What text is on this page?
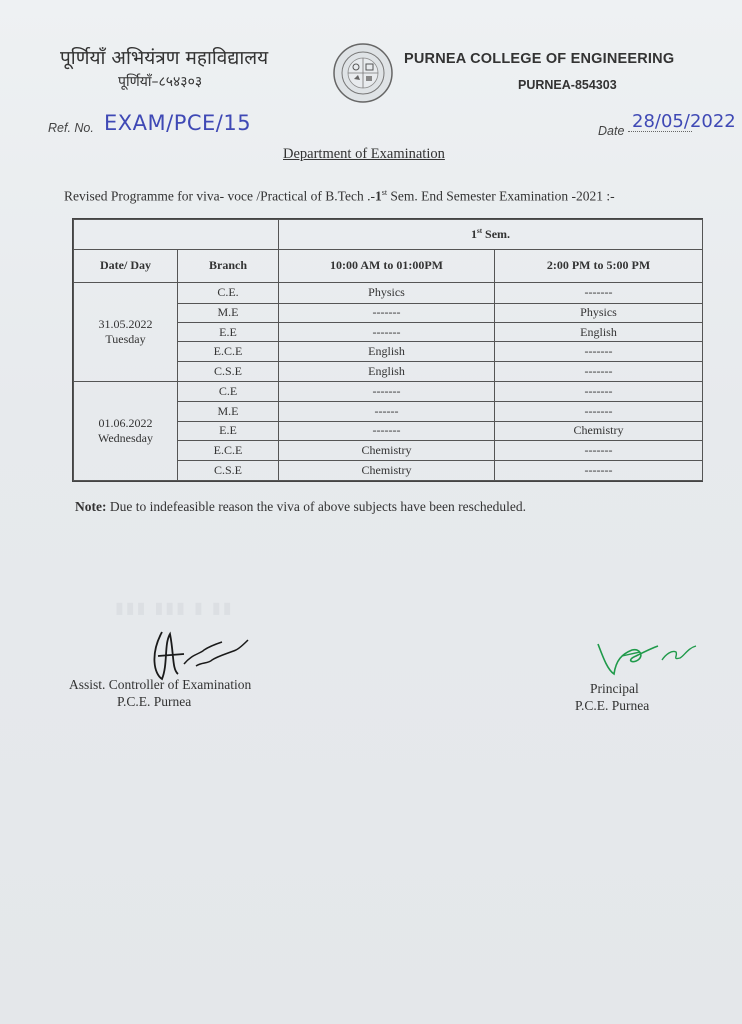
पूर्णियाँ अभियंत्रण महाविद्यालय
पूर्णियाँ–८५४३०३
PURNEA COLLEGE OF ENGINEERING
PURNEA-854303
Ref. No. EXAM/PCE/15	Date 28/05/2022
Department of Examination
Revised Programme for viva- voce /Practical of B.Tech .-1st Sem. End Semester Examination -2021 :-
		1st Sem.	
Date/ Day	Branch	10:00 AM to 01:00PM	2:00 PM to 5:00 PM

31.05.2022
Tuesday	C.E.	Physics	-------
	M.E	-------	Physics
	E.E	-------	English
	E.C.E	English	-------
	C.S.E	English	-------

01.06.2022
Wednesday	C.E	-------	-------
	M.E	------	-------
	E.E	-------	Chemistry
	E.C.E	Chemistry	-------
	C.S.E	Chemistry	-------
Note: Due to indefeasible reason the viva of above subjects have been rescheduled.
▮▮▮ ▮▮▮ ▮ ▮▮
Assist. Controller of Examination
P.C.E. Purnea
Principal
P.C.E. Purnea
